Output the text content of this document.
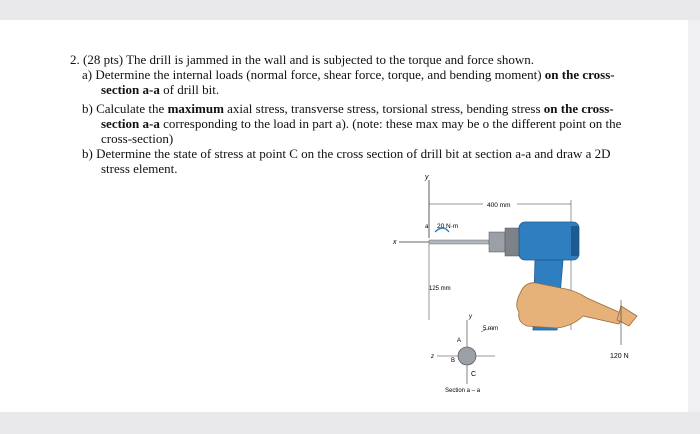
2. (28 pts) The drill is jammed in the wall and is subjected to the torque and force shown.
a) Determine the internal loads (normal force, shear force, torque, and bending moment) on the cross-
section a-a of drill bit.
b) Calculate the maximum axial stress, transverse stress, torsional stress, bending stress on the cross-
section a-a corresponding to the load in part a). (note: these max may be o the different point on the
cross-section)
b) Determine the state of stress at point C on the cross section of drill bit at section a-a and draw a 2D
stress element.
y
x
400 mm
20 N·m
a
120 N
125 mm
y
z
A
B
C
5 mm
Section a – a
